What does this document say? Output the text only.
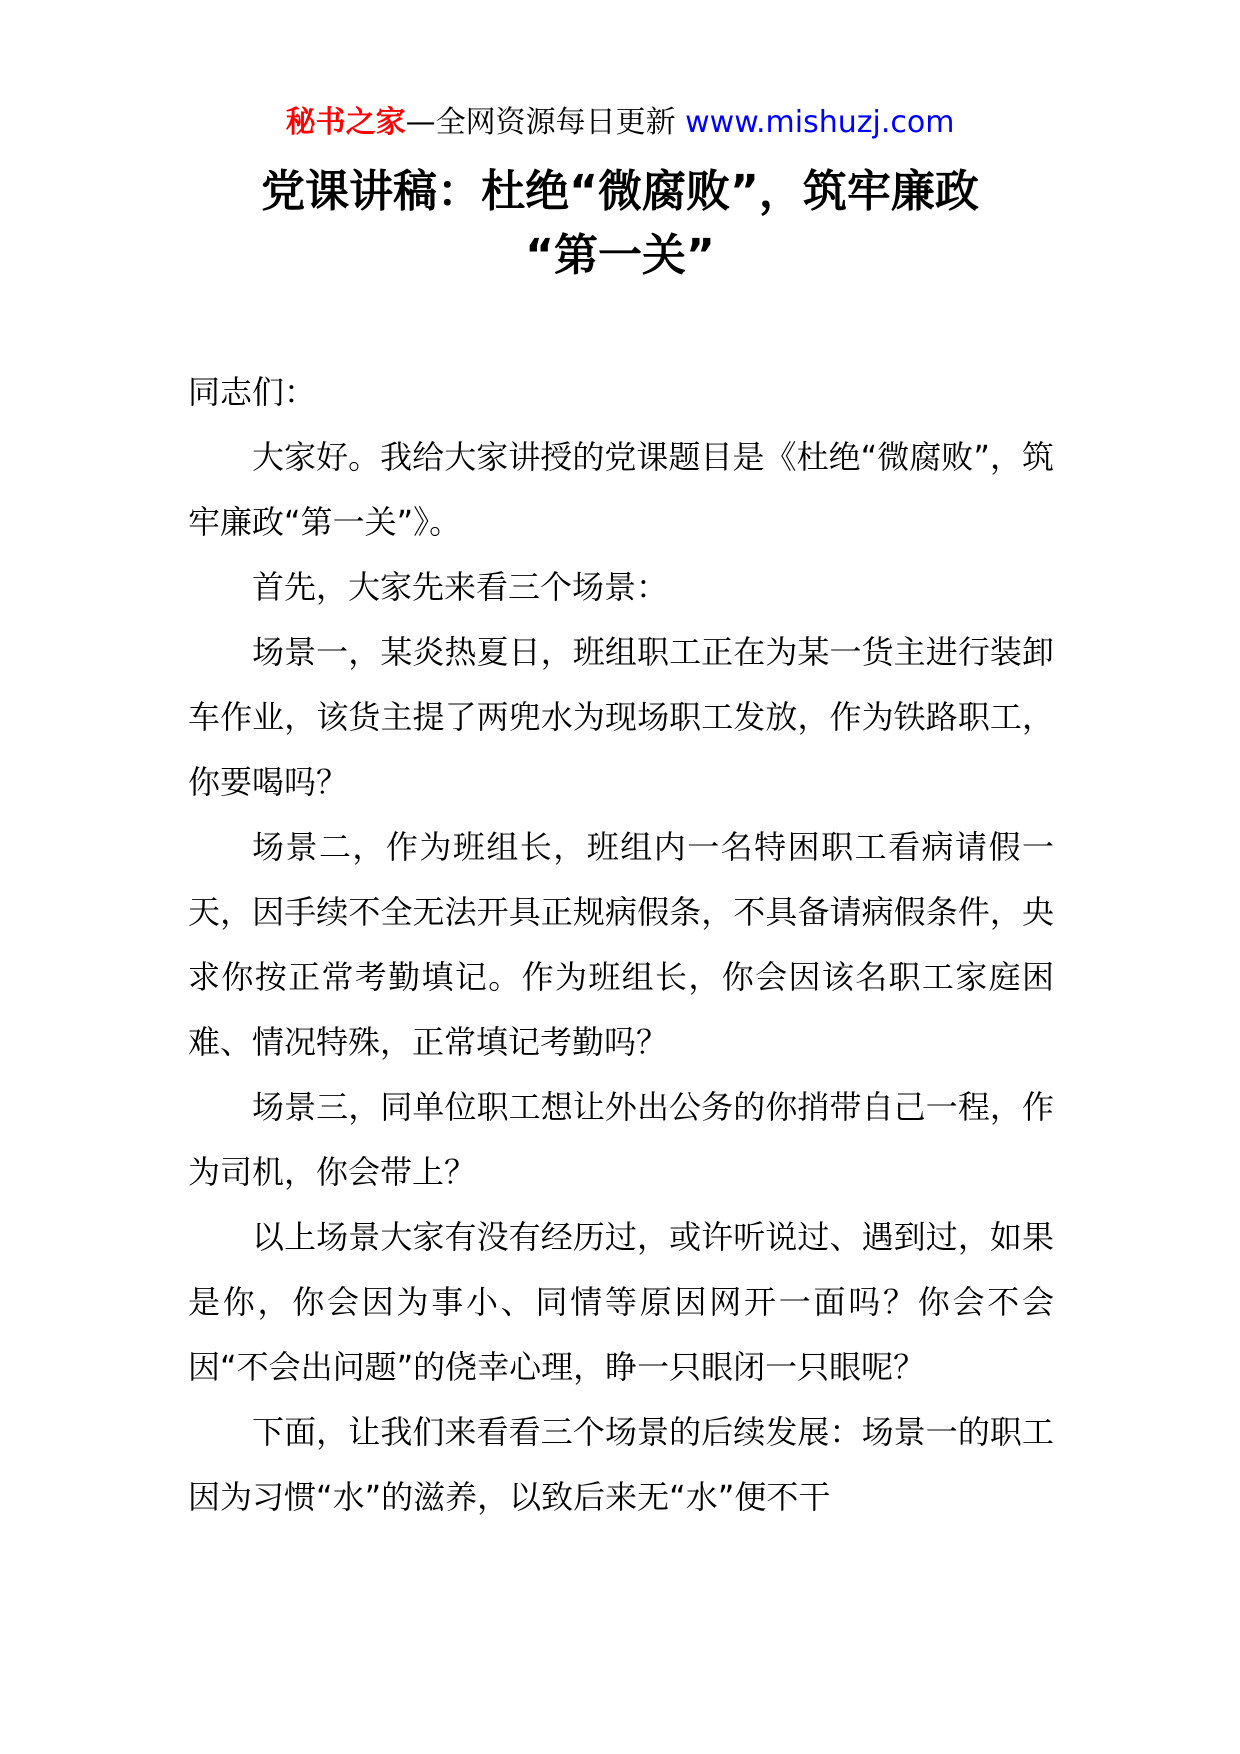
秘书之家—全网资源每日更新 www.mishuzj.com
党课讲稿：杜绝“微腐败”，筑牢廉政
“第一关”

同志们：

大家好。我给大家讲授的党课题目是《杜绝“微腐败”，筑牢廉政“第一关”》。

首先，大家先来看三个场景：

场景一，某炎热夏日，班组职工正在为某一货主进行装卸车作业，该货主提了两兜水为现场职工发放，作为铁路职工，你要喝吗？

场景二，作为班组长，班组内一名特困职工看病请假一天，因手续不全无法开具正规病假条，不具备请病假条件，央求你按正常考勤填记。作为班组长，你会因该名职工家庭困难、情况特殊，正常填记考勤吗？

场景三，同单位职工想让外出公务的你捎带自己一程，作为司机，你会带上？

以上场景大家有没有经历过，或许听说过、遇到过，如果是你，你会因为事小、同情等原因网开一面吗？你会不会因“不会出问题”的侥幸心理，睁一只眼闭一只眼呢？

下面，让我们来看看三个场景的后续发展：场景一的职工因为习惯“水”的滋养，以致后来无“水”便不干
